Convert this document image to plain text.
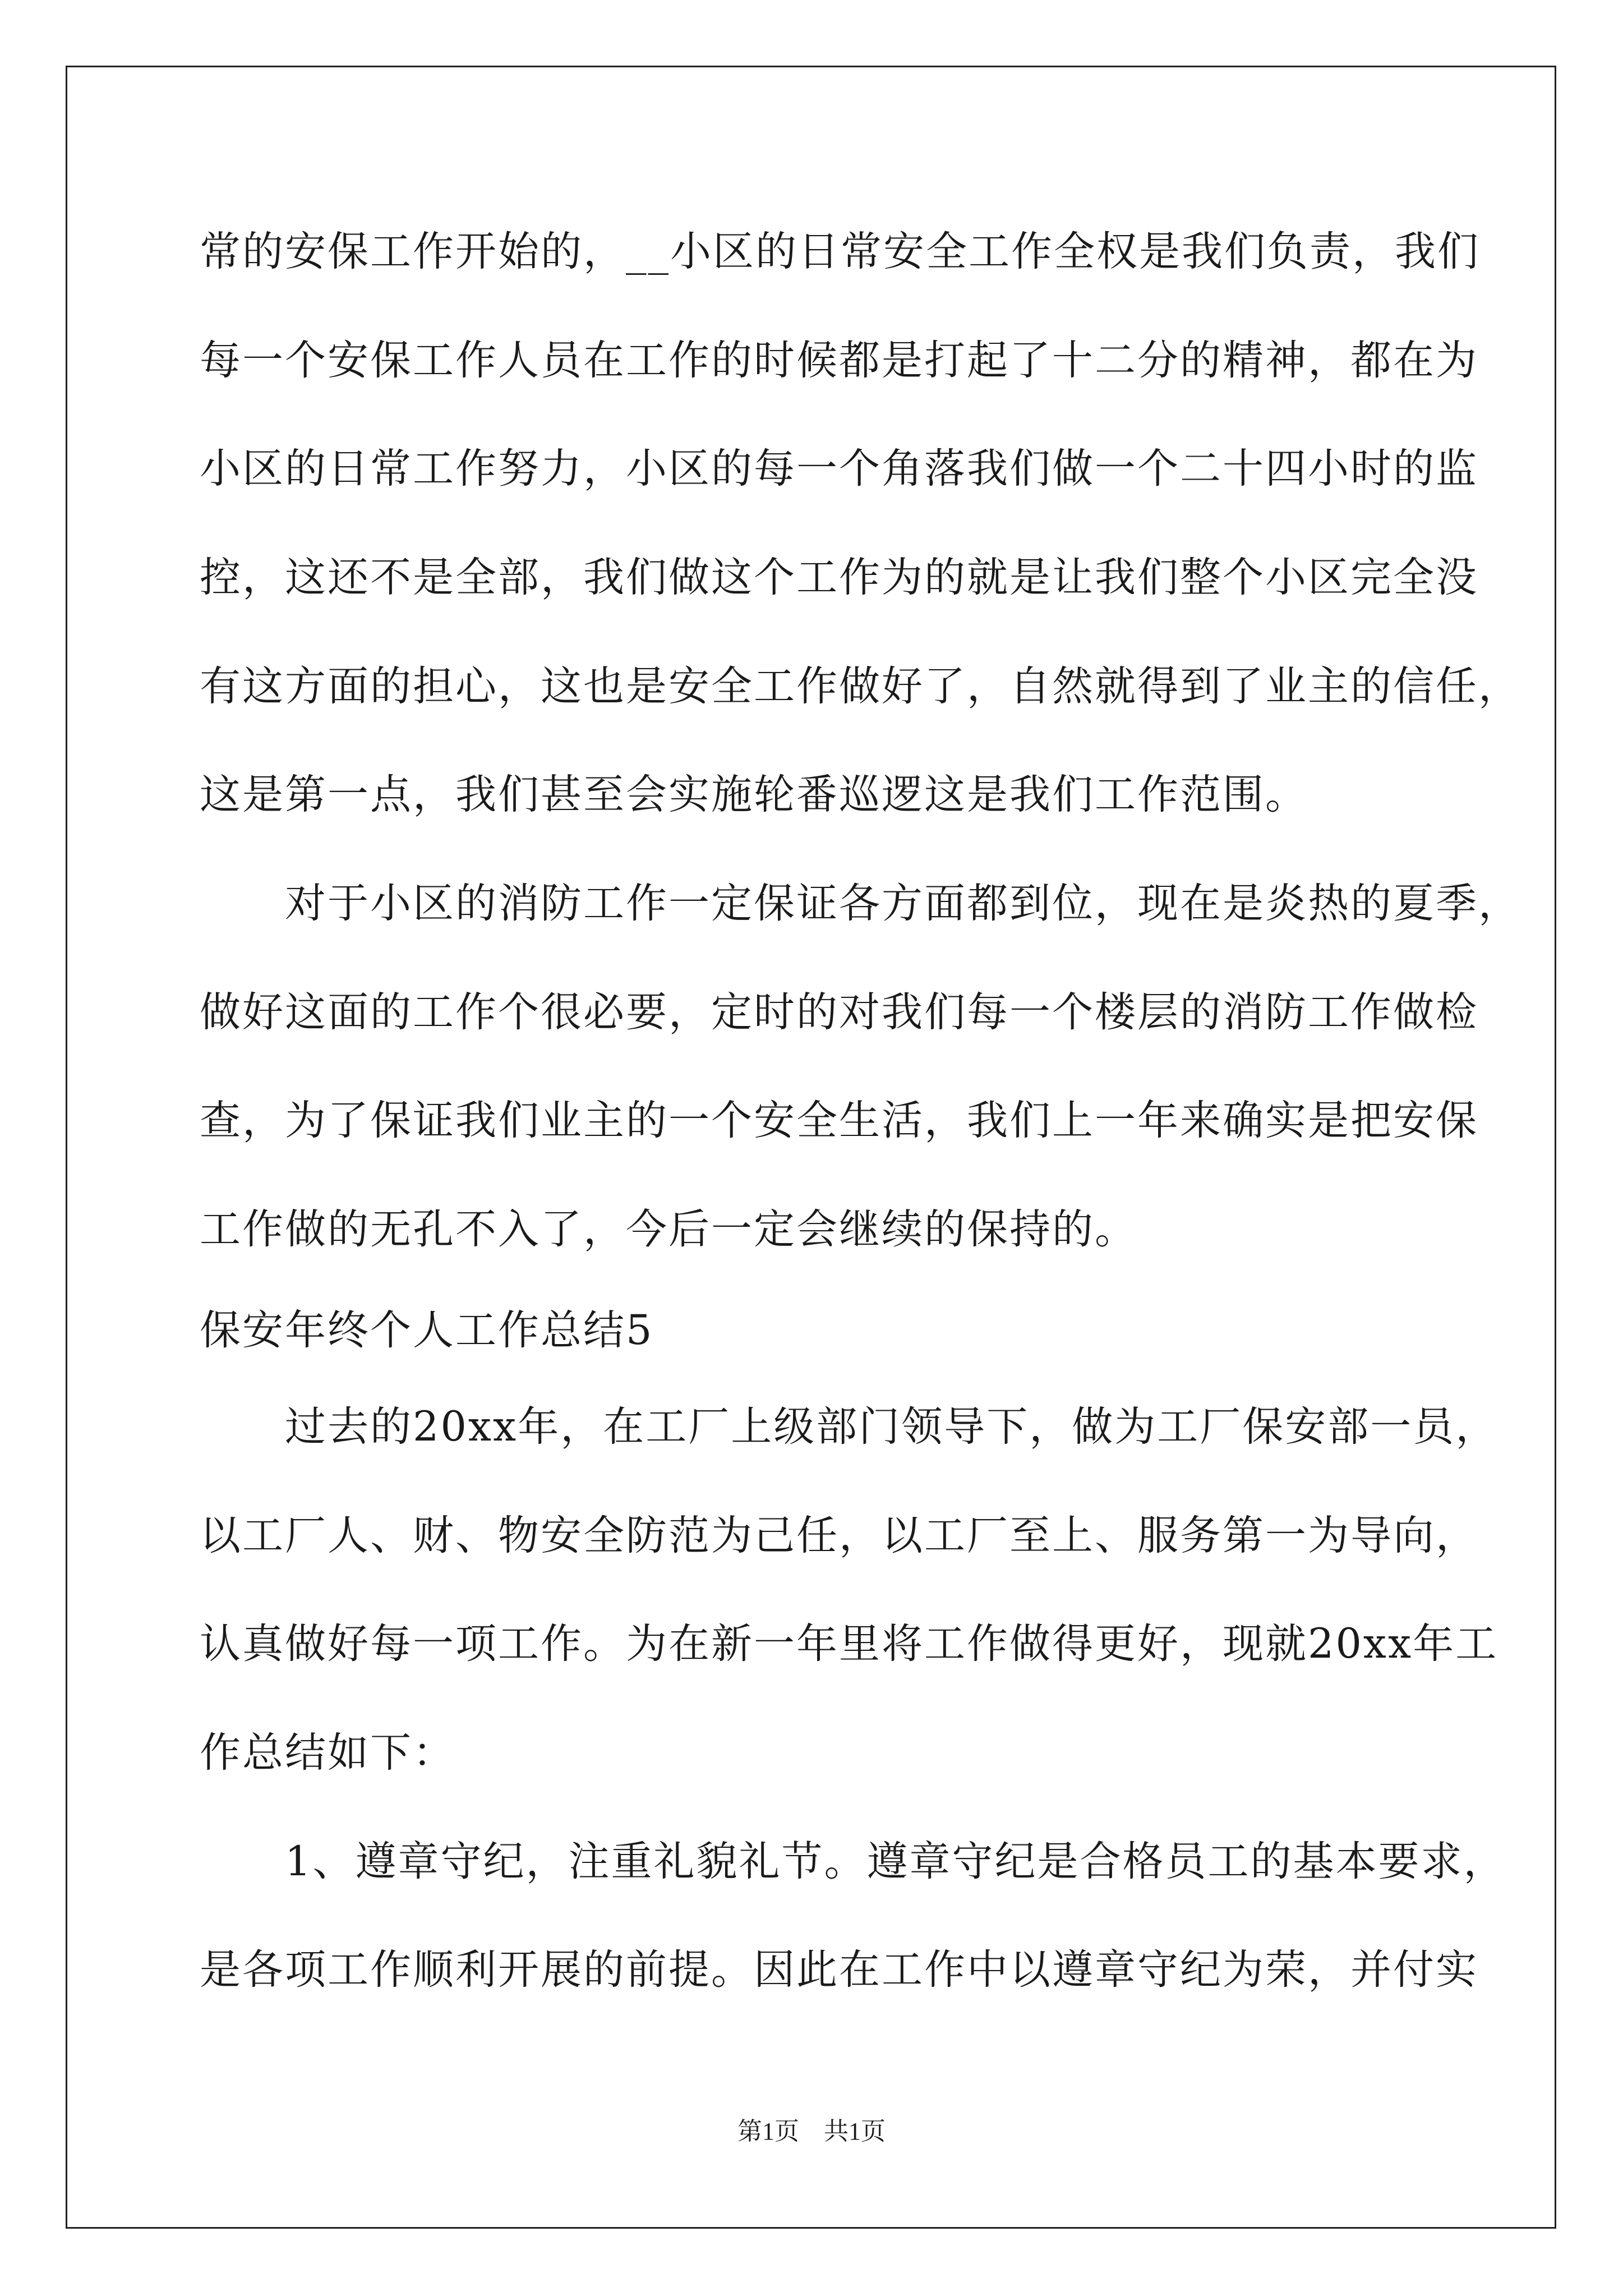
常的安保工作开始的，__小区的日常安全工作全权是我们负责，我们
每一个安保工作人员在工作的时候都是打起了十二分的精神，都在为
小区的日常工作努力，小区的每一个角落我们做一个二十四小时的监
控，这还不是全部，我们做这个工作为的就是让我们整个小区完全没
有这方面的担心，这也是安全工作做好了，自然就得到了业主的信任，
这是第一点，我们甚至会实施轮番巡逻这是我们工作范围。
　　对于小区的消防工作一定保证各方面都到位，现在是炎热的夏季，
做好这面的工作个很必要，定时的对我们每一个楼层的消防工作做检
查，为了保证我们业主的一个安全生活，我们上一年来确实是把安保
工作做的无孔不入了，今后一定会继续的保持的。
保安年终个人工作总结5
　　过去的20xx年，在工厂上级部门领导下，做为工厂保安部一员，
以工厂人、财、物安全防范为己任，以工厂至上、服务第一为导向，
认真做好每一项工作。为在新一年里将工作做得更好，现就20xx年工
作总结如下：
　　1、遵章守纪，注重礼貌礼节。遵章守纪是合格员工的基本要求，
是各项工作顺利开展的前提。因此在工作中以遵章守纪为荣，并付实
第1页　共1页
